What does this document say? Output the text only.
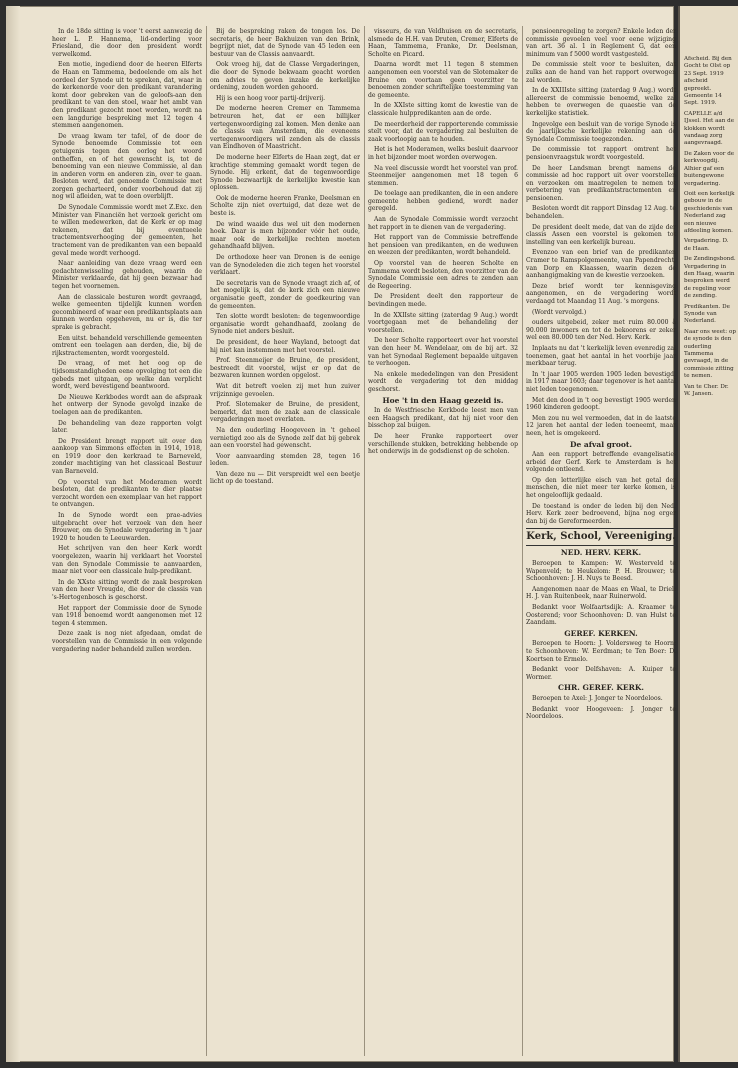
In de 18de sitting is voor 't eerst aanwezig de heer L. P. Hannema, lid-onderling voor Friesland, die door den president wordt verwelkomd.

Een motie, ingediend door de heeren Elferts de Haan en Tammema, bedoelende om als het oordeel der Synode uit te spreken, dat, waar in de kerkenorde voor den predikant varandering komt door gebreken van de geloofs-aan den predikant te van den stoel, waar het ambt van den predikant gezocht moet worden, wordt na een langdurige bespreking met 12 tegen 4 stemmen aangenomen.

De vraag kwam ter tafel, of de door de Synode benoemde Commissie tot een getuigenis tegen den oorlog het woord ontheffen, en of het gewenscht is, tot de benoeming van een nieuwe Commissie, al dan in anderen vorm en anderen zin, over te gaan. Besloten werd, dat genoemde Commissie met zorgen gecharteerd, onder voorbehoud dat zij nog wil afleiden, wat te doen overblijft.

De Synodale Commissie wordt met Z.Exc. den Minister van Financiën het verzoek gericht om te willen medewerken, dat de Kerk er op mag rekenen, dat bij eventueele tractementsverhooging der gemeenten, het tractement van de predikanten van een bepaald geval mede wordt verhoogd.

Naar aanleiding van deze vraag werd een gedachtenwisseling gehouden, waarin de Minister verklaarde, dat hij geen bezwaar had tegen het voornemen.

Aan de classicale besturen wordt gevraagd, welke gemeenten tijdelijk kunnen worden gecombineerd of waar een predikantsplaats aan kunnen worden opgeheven, nu er is, die ter sprake is gebracht.

Een uitst. behandeld verschillende gemeenten omtrent een toelagen aan derden, die, bij de rijkstractementen, wordt voorgesteld.

De vraag, of met het oog op de tijdsomstandigheden eene opvolging tot een die gebeds met uitgaan, op welke dan verplicht wordt, werd bevestigend beantwoord.

De Nieuwe Kerkbodes wordt aan de afspraak het ontwerp der Synode gevolgd inzake de toelagen aan de predikanten.

De behandeling van deze rapporten volgt later.

De President brengt rapport uit over den aankoop van Simmons effecten in 1914, 1918, en 1919 door den kerkraad te Barneveld, zonder machtiging van het classicaal Bestuur van Barneveld.

Op voorstel van het Moderamen wordt besloten, dat de predikanten te dier plaatse verzocht worden een exemplaar van het rapport te ontvangen.

In de Synode wordt een prae-advies uitgebracht over het verzoek van den heer Brouwer, om de Synodale vergadering in 't jaar 1920 te houden te Leeuwarden.

Het schrijven van den heer Kerk wordt voorgelezen, waarin hij verklaart het Voorstel van den Synodale Commissie te aanvaarden, maar niet voor een classicale hulp-predikant.

In de XXste sitting wordt de zaak besproken van den heer Vreugde, die door de classis van 's-Hertogenbosch is geschorst.

Het rapport der Commissie door de Synode van 1918 benoemd wordt aangenomen met 12 tegen 4 stemmen.

Deze zaak is nog niet afgedaan, omdat de voorstellen van de Commissie in een volgende vergadering nader behandeld zullen worden.

Bij de bespreking raken de tongen los. De secretaris, de heer Bakhuizen van den Brink, begrijpt niet, dat de Synode van 45 leden een bestuur van de Classis aanvaardt.

Ook vroeg hij, dat de Classe Vergaderingen, die door de Synode bekwaam geacht worden om advies te geven inzake de kerkelijke ordening, zouden worden gehoord.

Hij is een hoog voor partij-drijverij.

De moderne heeren Cremer en Tammema betreuren het, dat er een billijker vertegenwoordiging zal komen. Men denke aan de classis van Amsterdam, die eveneens vertegenwoordigers wil zenden als de classis van Eindhoven of Maastricht.

De moderne heer Elferts de Haan zegt, dat er krachtige stemming gemaakt wordt tegen de Synode. Hij erkent, dat de tegenwoordige Synode bezwaarlijk de kerkelijke kwestie kan oplossen.

Ook de moderne heeren Franke, Deelsman en Scholte zijn niet overtuigd, dat deze wet de beste is.

De wind waaide dus wel uit den modernen hoek. Daar is men bijzonder vóór het oude, maar ook de kerkelijke rechten moeten gehandhaafd blijven.

De orthodoxe heer van Dronen is de eenige van de Synodeleden die zich tegen het voorstel verklaart.

De secretaris van de Synode vraagt zich af, of het mogelijk is, dat de kerk zich een nieuwe organisatie geeft, zonder de goedkeuring van de gemeenten.

Ten slotte wordt besloten: de tegenwoordige organisatie wordt gehandhaafd, zoolang de Synode niet anders besluit.

De president, de heer Wayland, betoogt dat hij niet kan instemmen met het voorstel.

Prof. Steenmeijer de Bruine, de president, bestreedt dit voorstel, wijst er op dat de bezwaren kunnen worden opgelost.

Wat dit betreft voelen zij met hun zuiver vrijzinnige gevoelen.

Prof. Slotemaker de Bruine, de president, bemerkt, dat men de zaak aan de classicale vergaderingen moet overlaten.

Na den ouderling Hoogeveen in 't geheel vernietigd zoo als de Synode zelf dat bij gebrek aan een voorstel had gewenscht.

Voor aanvaarding stemden 28, tegen 16 leden.

Van deze nu — Dit verspreidt wel een beetje licht op de toestand.

visseurs, de van Veldhuisen en de secretaris, alsmede de H.H. van Druten, Cremer, Elferts de Haan, Tammema, Franke, Dr. Deelsman, Scholte en Picard.

Daarna wordt met 11 tegen 8 stemmen aangenomen een voorstel van de Slotemaker de Bruine om voortaan geen voorzitter te benoemen zonder schriftelijke toestemming van de gemeente.

In de XXIste sitting komt de kwestie van de classicale hulppredikanten aan de orde.

De meerderheid der rapporterende commissie stelt voor, dat de vergadering zal besluiten de zaak voorloopig aan te houden.

Het is het Moderamen, welks besluit daarvoor in het bijzonder moet worden overwogen.

Na veel discussie wordt het voorstel van prof. Steenmeijer aangenomen met 18 tegen 6 stemmen.

De toelage aan predikanten, die in een andere gemeente hebben gediend, wordt nader geregeld.

Aan de Synodale Commissie wordt verzocht het rapport in te dienen van de vergadering.

Het rapport van de Commissie betreffende het pensioen van predikanten, en de weduwen en weezen der predikanten, wordt behandeld.

Op voorstel van de heeren Scholte en Tammema wordt besloten, den voorzitter van de Synodale Commissie een adres te zenden aan de Regeering.

De President deelt den rapporteur de bevindingen mede.

In de XXIIste sitting (zaterdag 9 Aug.) wordt voortgegaan met de behandeling der voorstellen.

De heer Scholte rapporteert over het voorstel van den heer M. Wendelaar, om de bij art. 32 van het Synodaal Reglement bepaalde uitgaven te verhoogen.

Na enkele mededelingen van den President wordt de vergadering tot den middag geschorst.

Hoe 't in den Haag gezeid is.

In de Westfriesche Kerkbode leest men van een Haagsch predikant, dat hij niet voor den bisschop zal buigen.

De heer Franke rapporteert over verschillende stukken, betrekking hebbende op het onderwijs in de godsdienst op de scholen.

pensioenregeling te zorgen? Enkele leden der commissie gevoelen veel voor eene wijziging van art. 36 al. 1 in Reglement G, dat een minimum van f 5000 wordt vastgesteld.

De commissie stelt voor te besluiten, dat zulks aan de hand van het rapport overwogen zal worden.

In de XXIIIste sitting (zaterdag 9 Aug.) wordt allereerst de commissie benoemd, welke zal hebben te overwegen de quaestie van de kerkelijke statistiek.

Ingevolge een besluit van de vorige Synode is de jaarlijksche kerkelijke rekening aan de Synodale Commissie toegezonden.

De commissie tot rapport omtrent het pensioenvraagstuk wordt voorgesteld.

De heer Landsman brengt namens de commissie ad hoc rapport uit over voorstellen en verzoeken om maatregelen te nemen tot verbetering van predikantstractementen en pensioenen.

Besloten wordt dit rapport Dinsdag 12 Aug. te behandelen.

De president deelt mede, dat van de zijde der classis Assen een voorstel is gekomen tot instelling van een kerkelijk bureau.

Evenzoo van een brief van de predikanten Cramer te Ramspolgemeente, van Papendrecht, van Dorp en Klaassen, waarin dezen de aanhangigmaking van de kwestie verzoeken.

Deze brief wordt ter kennisgeving aangenomen, en de vergadering wordt verdaagd tot Maandag 11 Aug. 's morgens.

(Wordt vervolgd.)

ouders uitgebeid, zeker met ruim 80.000 à 90.000 inwoners en tot de bekoorens er zeker wel een 80.000 ten der Ned. Herv. Kerk.

Inplaats nu dat 't kerkelijk leven evenredig zal toenemen, gaat het aantal in het voorbije jaar merkbaar terug.

In 't jaar 1905 werden 1905 leden bevestigd, in 1917 maar 1603; daar tegenover is het aantal niet leden toegenomen.

Met den dood in 't oog bevestigt 1905 werden 1960 kinderen gedoopt.

Men zou nu wel vermoeden, dat in de laatste 12 jaren het aantal der leden toeneemt, maar neen, het is omgekeerd.

De afval groot.

Aan een rapport betreffende evangelisatie-arbeid der Gerf. Kerk te Amsterdam is het volgende ontleend.

Op den letterlijke eisch van het getal der menschen, die niet meer ter kerke komen, is het ongelooflijk gedaald.

De toestand is onder de leden bij den Ned. Herv. Kerk zeer bedroevend, bijna nog erger dan bij de Gereformeerden.

Kerk, School, Vereeniging.

NED. HERV. KERK.

Beroepen te Kampen: W. Westerveld te Wapenveld; te Heukelom: P. H. Brouwer; te Schoonhoven: J. H. Nuys te Beesd.

Aangenomen naar de Maas en Waal, te Driel: H. J. van Ruitenbeek, naar Ruinerwold.

Bedankt voor Wolfaartsdijk: A. Kraamer te Oosterend; voor Schoonhoven: D. van Hulst te Zaandam.

GEREF. KERKEN.

Beroepen te Hoorn: J. Voldersweg te Hoorn; te Schoonhoven: W. Eerdman; te Ten Boer: D. Koertsen te Ermelo.

Bedankt voor Delfshaven: A. Kuiper te Wormer.

CHR. GEREF. KERK.

Beroepen te Axel: J. Jonger te Noordeloos.

Bedankt voor Hoogeveen: J. Jonger te Noordeloos.

Afscheid. Bij den Gocht te Olst op 23 Sept. 1919 afscheid gepreekt. Gemeente 14 Sept. 1919.

CAPELLE a/d IJssel. Het aan de klokken wordt vandaag zorg aangevraagd.

De Zaken voor de kerkvoogdij. Alhier gaf een buitengewone vergadering.

Ooit een kerkelijk gebouw in de geschiedenis van Nederland zag een nieuwe afdeeling komen.

Vergadering. D. de Haan.

De Zendingsbond. Vergadering in den Haag, waarin besproken werd de regeling voor de zending.

Predikanten. De Synode van Nederland.

Naar ons weet: op de synode is den ouderling Tammema gevraagd, in de commissie zitting te nemen.

Van te Cher. Dr. W. Jansen.
